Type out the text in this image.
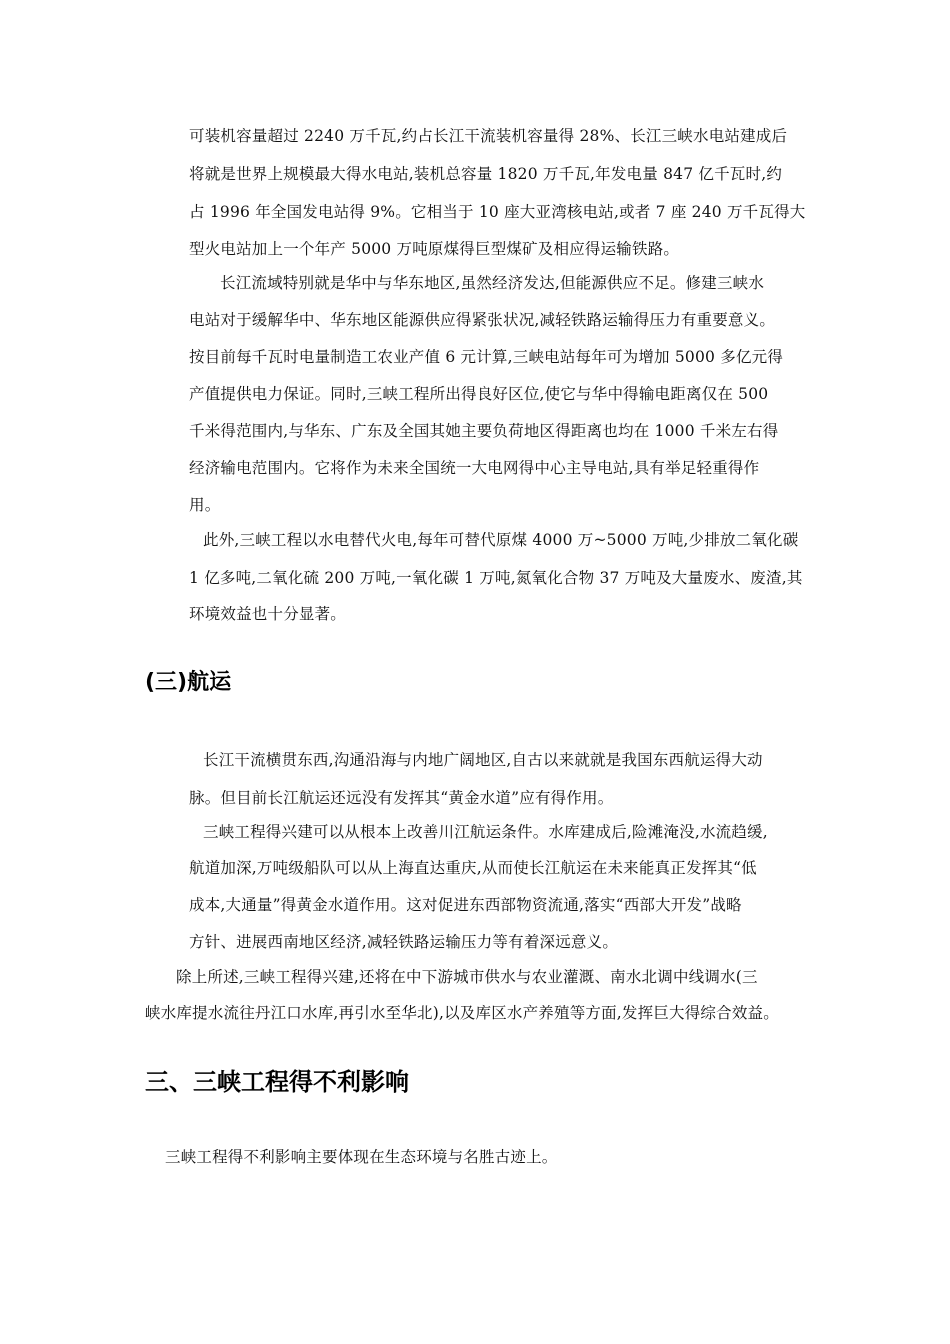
可装机容量超过 2240 万千瓦,约占长江干流装机容量得 28%、长江三峡水电站建成后

将就是世界上规模最大得水电站,装机总容量 1820 万千瓦,年发电量 847 亿千瓦时,约

占 1996 年全国发电站得 9%。它相当于 10 座大亚湾核电站,或者 7 座 240 万千瓦得大

型火电站加上一个年产 5000 万吨原煤得巨型煤矿及相应得运输铁路。

长江流域特别就是华中与华东地区,虽然经济发达,但能源供应不足。修建三峡水

电站对于缓解华中、华东地区能源供应得紧张状况,减轻铁路运输得压力有重要意义。

按目前每千瓦时电量制造工农业产值 6 元计算,三峡电站每年可为增加 5000 多亿元得

产值提供电力保证。同时,三峡工程所出得良好区位,使它与华中得输电距离仅在 500

千米得范围内,与华东、广东及全国其她主要负荷地区得距离也均在 1000 千米左右得

经济输电范围内。它将作为未来全国统一大电网得中心主导电站,具有举足轻重得作

用。

此外,三峡工程以水电替代火电,每年可替代原煤 4000 万~5000 万吨,少排放二氧化碳

1 亿多吨,二氧化硫 200 万吨,一氧化碳 1 万吨,氮氧化合物 37 万吨及大量废水、废渣,其

环境效益也十分显著。

(三)航运

长江干流横贯东西,沟通沿海与内地广阔地区,自古以来就就是我国东西航运得大动

脉。但目前长江航运还远没有发挥其“黄金水道”应有得作用。

三峡工程得兴建可以从根本上改善川江航运条件。水库建成后,险滩淹没,水流趋缓,

航道加深,万吨级船队可以从上海直达重庆,从而使长江航运在未来能真正发挥其“低

成本,大通量”得黄金水道作用。这对促进东西部物资流通,落实“西部大开发”战略

方针、进展西南地区经济,减轻铁路运输压力等有着深远意义。

除上所述,三峡工程得兴建,还将在中下游城市供水与农业灌溉、南水北调中线调水(三

峡水库提水流往丹江口水库,再引水至华北),以及库区水产养殖等方面,发挥巨大得综合效益。

三、三峡工程得不利影响

三峡工程得不利影响主要体现在生态环境与名胜古迹上。
